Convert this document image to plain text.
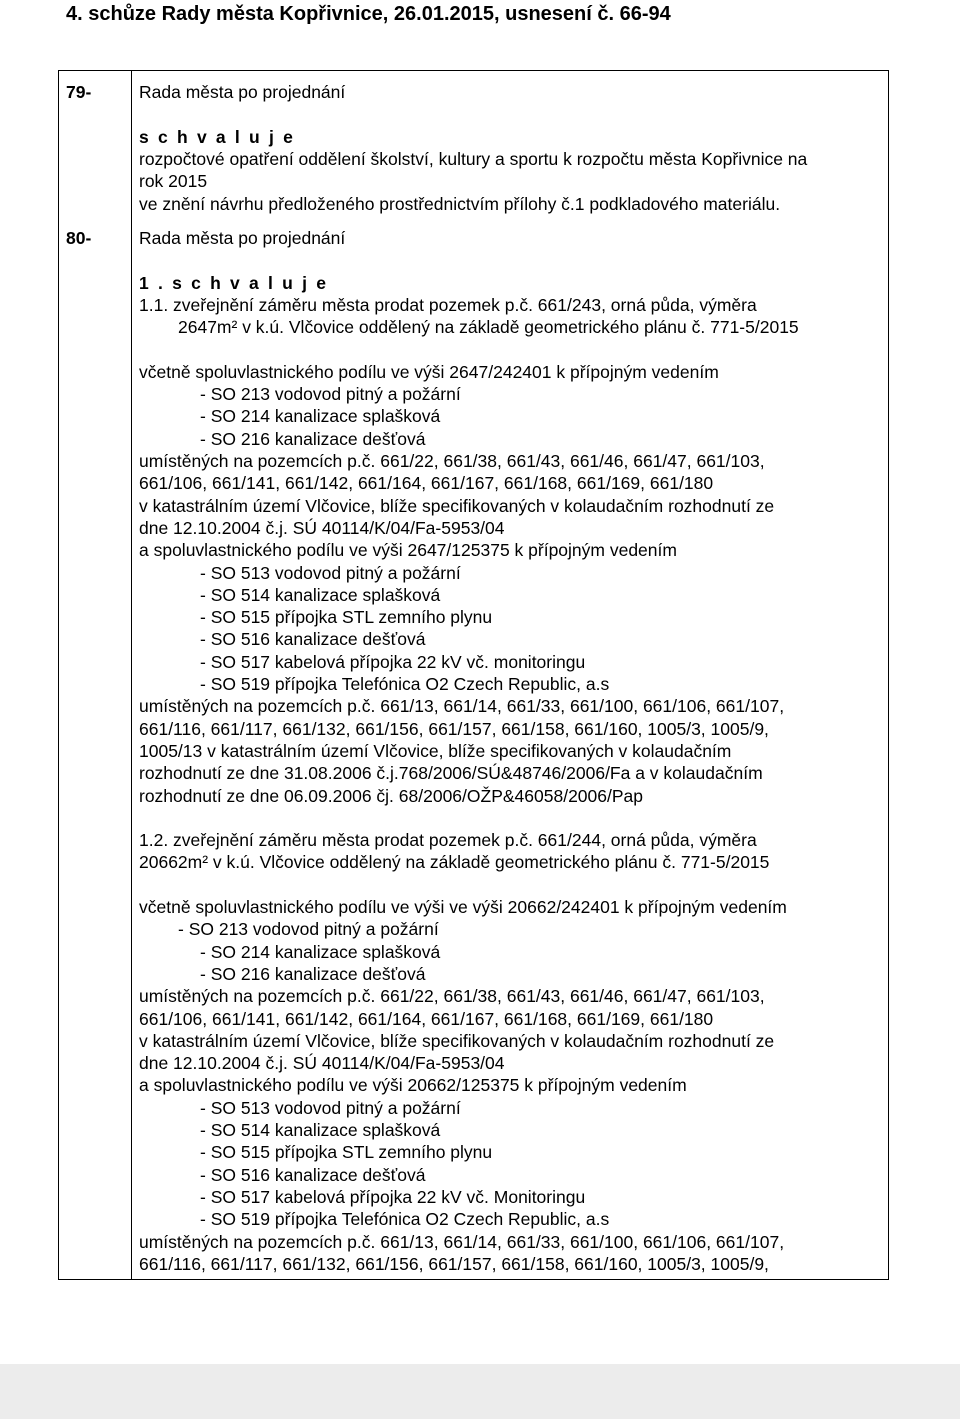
4. schůze Rady města Kopřivnice, 26.01.2015, usnesení č. 66-94
79-	Rada města po projednání
s c h v a l u j e
rozpočtové opatření oddělení školství, kultury a sportu k rozpočtu města Kopřivnice na
rok 2015
ve znění návrhu předloženého prostřednictvím přílohy č.1 podkladového materiálu.
80-	Rada města po projednání
1 . s c h v a l u j e
1.1. zveřejnění záměru města prodat pozemek p.č. 661/243, orná půda, výměra
2647m² v k.ú. Vlčovice oddělený na základě geometrického plánu č. 771-5/2015
včetně spoluvlastnického podílu ve výši 2647/242401 k přípojným vedením
- SO 213 vodovod pitný a požární
- SO 214 kanalizace splašková
- SO 216 kanalizace dešťová
umístěných na pozemcích p.č. 661/22, 661/38, 661/43, 661/46, 661/47, 661/103,
661/106, 661/141, 661/142, 661/164, 661/167, 661/168, 661/169, 661/180
v katastrálním území Vlčovice, blíže specifikovaných v kolaudačním rozhodnutí ze
dne 12.10.2004 č.j. SÚ 40114/K/04/Fa-5953/04
a spoluvlastnického podílu ve výši 2647/125375 k přípojným vedením
- SO 513 vodovod pitný a požární
- SO 514 kanalizace splašková
- SO 515 přípojka STL zemního plynu
- SO 516 kanalizace dešťová
- SO 517 kabelová přípojka 22 kV vč. monitoringu
- SO 519 přípojka Telefónica O2 Czech Republic, a.s
umístěných na pozemcích p.č. 661/13, 661/14, 661/33, 661/100, 661/106, 661/107,
661/116, 661/117, 661/132, 661/156, 661/157, 661/158, 661/160, 1005/3, 1005/9,
1005/13 v katastrálním území Vlčovice, blíže specifikovaných v kolaudačním
rozhodnutí ze dne 31.08.2006 č.j.768/2006/SÚ&48746/2006/Fa a v kolaudačním
rozhodnutí ze dne 06.09.2006 čj. 68/2006/OŽP&46058/2006/Pap
1.2. zveřejnění záměru města prodat pozemek p.č. 661/244, orná půda, výměra
20662m² v k.ú. Vlčovice oddělený na základě geometrického plánu č. 771-5/2015
včetně spoluvlastnického podílu ve výši ve výši 20662/242401 k přípojným vedením
- SO 213 vodovod pitný a požární
- SO 214 kanalizace splašková
- SO 216 kanalizace dešťová
umístěných na pozemcích p.č. 661/22, 661/38, 661/43, 661/46, 661/47, 661/103,
661/106, 661/141, 661/142, 661/164, 661/167, 661/168, 661/169, 661/180
v katastrálním území Vlčovice, blíže specifikovaných v kolaudačním rozhodnutí ze
dne 12.10.2004 č.j. SÚ 40114/K/04/Fa-5953/04
a spoluvlastnického podílu ve výši 20662/125375 k přípojným vedením
- SO 513 vodovod pitný a požární
- SO 514 kanalizace splašková
- SO 515 přípojka STL zemního plynu
- SO 516 kanalizace dešťová
- SO 517 kabelová přípojka 22 kV vč. Monitoringu
- SO 519 přípojka Telefónica O2 Czech Republic, a.s
umístěných na pozemcích p.č. 661/13, 661/14, 661/33, 661/100, 661/106, 661/107,
661/116, 661/117, 661/132, 661/156, 661/157, 661/158, 661/160, 1005/3, 1005/9,
